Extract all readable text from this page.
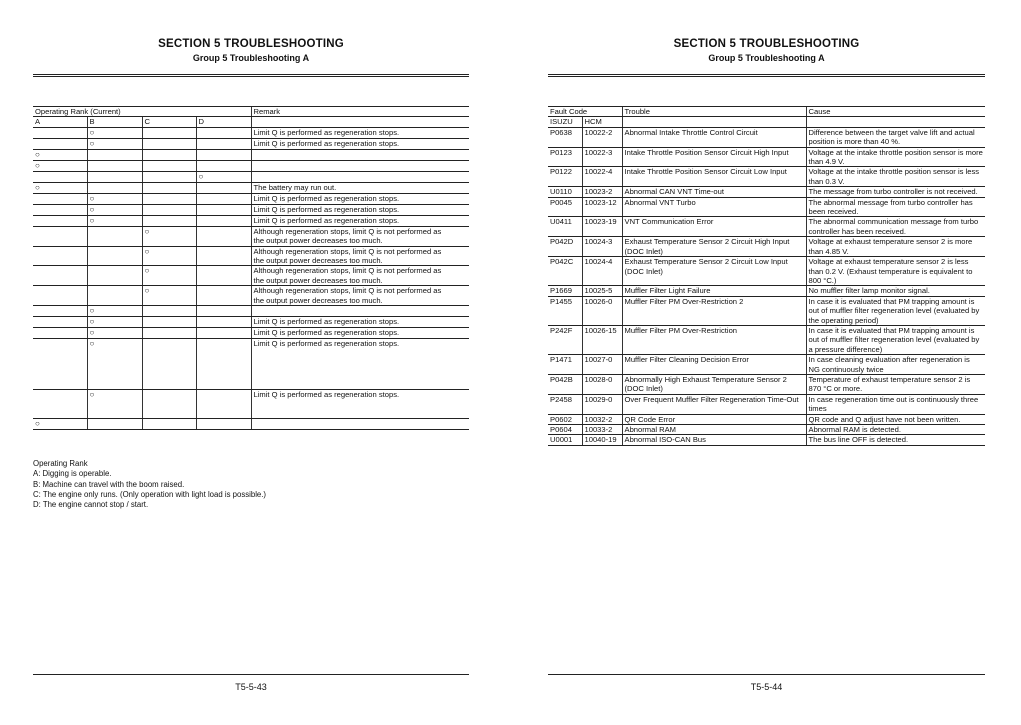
SECTION 5 TROUBLESHOOTING
Group 5 Troubleshooting A
Operating Rank (Current)				Remark
A	B	C	D	
	○			Limit Q is performed as regeneration stops.

	○			Limit Q is performed as regeneration stops.

○				
○				
			○	
○				The battery may run out.

	○			Limit Q is performed as regeneration stops.

	○			Limit Q is performed as regeneration stops.

	○			Limit Q is performed as regeneration stops.

		○		Although regeneration stops, limit Q is not performed as
the output power decreases too much.

		○		Although regeneration stops, limit Q is not performed as
the output power decreases too much.

		○		Although regeneration stops, limit Q is not performed as
the output power decreases too much.

		○		Although regeneration stops, limit Q is not performed as
the output power decreases too much.

	○			
	○			Limit Q is performed as regeneration stops.

	○			Limit Q is performed as regeneration stops.

	○			Limit Q is performed as regeneration stops.

	○			Limit Q is performed as regeneration stops.

○				
Operating Rank
A: Digging is operable.
B: Machine can travel with the boom raised.
C: The engine only runs. (Only operation with light load is possible.)
D: The engine cannot stop / start.
T5-5-43
SECTION 5 TROUBLESHOOTING
Group 5 Troubleshooting A
Fault Code		Trouble	Cause
ISUZU	HCM		
P0638	10022-2	Abnormal Intake Throttle Control Circuit	Difference between the target valve lift and actual position is more than 40 %.
P0123	10022-3	Intake Throttle Position Sensor Circuit High Input	Voltage at the intake throttle position sensor is more than 4.9 V.
P0122	10022-4	Intake Throttle Position Sensor Circuit Low Input	Voltage at the intake throttle position sensor is less than 0.3 V.
U0110	10023-2	Abnormal CAN VNT Time-out	The message from turbo controller is not received.
P0045	10023-12	Abnormal VNT Turbo	The abnormal message from turbo controller has been received.
U0411	10023-19	VNT Communication Error	The abnormal communication message from turbo controller has been received.
P042D	10024-3	Exhaust Temperature Sensor 2 Circuit High Input (DOC Inlet)	Voltage at exhaust temperature sensor 2 is more than 4.85 V.
P042C	10024-4	Exhaust Temperature Sensor 2 Circuit Low Input (DOC Inlet)	Voltage at exhaust temperature sensor 2 is less than 0.2 V. (Exhaust temperature is equivalent to 800 °C.)
P1669	10025-5	Muffler Filter Light Failure	No muffler filter lamp monitor signal.
P1455	10026-0	Muffler Filter PM Over-Restriction 2	In case it is evaluated that PM trapping amount is out of muffler filter regeneration level (evaluated by the operating period)
P242F	10026-15	Muffler Filter PM Over-Restriction	In case it is evaluated that PM trapping amount is out of muffler filter regeneration level (evaluated by a pressure difference)
P1471	10027-0	Muffler Filter Cleaning Decision Error	In case cleaning evaluation after regeneration is NG continuously twice
P042B	10028-0	Abnormally High Exhaust Temperature Sensor 2 (DOC Inlet)	Temperature of exhaust temperature sensor 2 is 870 °C or more.
P2458	10029-0	Over Frequent Muffler Filter Regeneration Time-Out	In case regeneration time out is continuously three times
P0602	10032-2	QR Code Error	QR code and Q adjust have not been written.
P0604	10033-2	Abnormal RAM	Abnormal RAM is detected.
U0001	10040-19	Abnormal ISO-CAN Bus	The bus line OFF is detected.
T5-5-44
